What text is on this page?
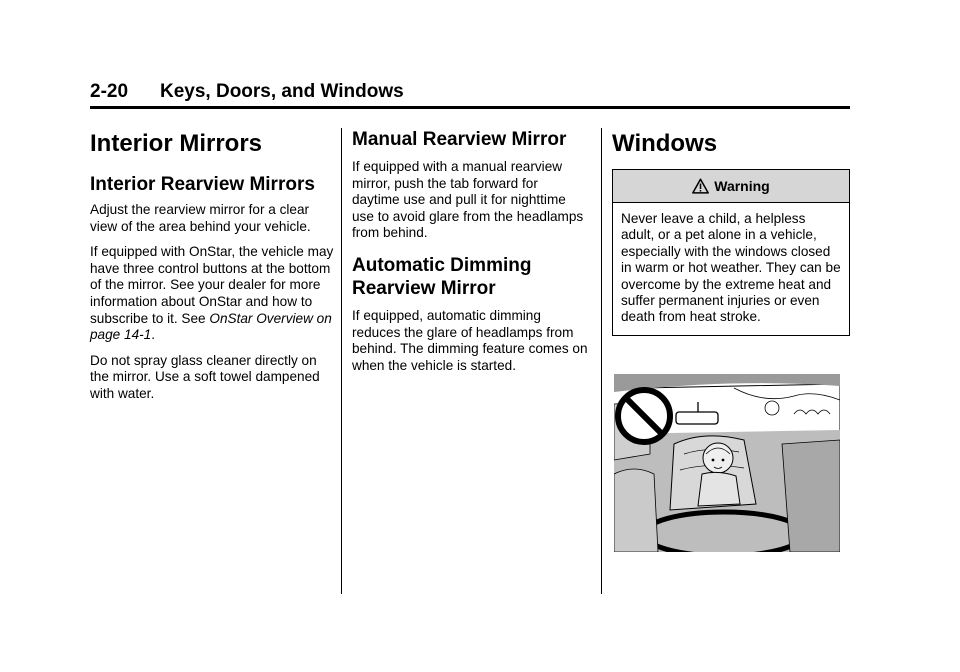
2-20 Keys, Doors, and Windows
Interior Mirrors
Interior Rearview Mirrors

Adjust the rearview mirror for a clear view of the area behind your vehicle.

If equipped with OnStar, the vehicle may have three control buttons at the bottom of the mirror. See your dealer for more information about OnStar and how to subscribe to it. See OnStar Overview on page 14-1.

Do not spray glass cleaner directly on the mirror. Use a soft towel dampened with water.

Manual Rearview Mirror

If equipped with a manual rearview mirror, push the tab forward for daytime use and pull it for nighttime use to avoid glare from the headlamps from behind.

Automatic Dimming Rearview Mirror

If equipped, automatic dimming reduces the glare of headlamps from behind. The dimming feature comes on when the vehicle is started.

Windows
Warning

Never leave a child, a helpless adult, or a pet alone in a vehicle, especially with the windows closed in warm or hot weather. They can be overcome by the extreme heat and suffer permanent injuries or even death from heat stroke.
